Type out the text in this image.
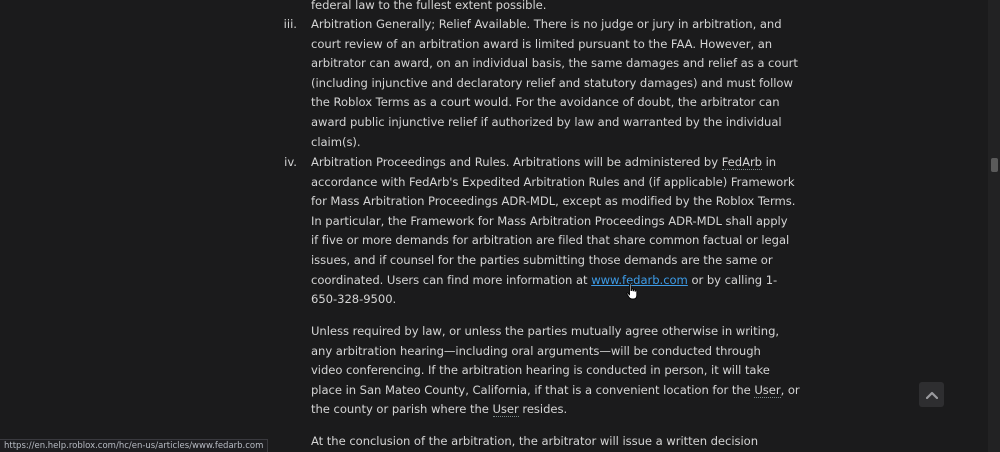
federal law to the fullest extent possible.

iii. Arbitration Generally; Relief Available. There is no judge or jury in arbitration, and
court review of an arbitration award is limited pursuant to the FAA. However, an
arbitrator can award, on an individual basis, the same damages and relief as a court
(including injunctive and declaratory relief and statutory damages) and must follow
the Roblox Terms as a court would. For the avoidance of doubt, the arbitrator can
award public injunctive relief if authorized by law and warranted by the individual
claim(s).

iv. Arbitration Proceedings and Rules. Arbitrations will be administered by FedArb in
accordance with FedArb's Expedited Arbitration Rules and (if applicable) Framework
for Mass Arbitration Proceedings ADR-MDL, except as modified by the Roblox Terms.
In particular, the Framework for Mass Arbitration Proceedings ADR-MDL shall apply
if five or more demands for arbitration are filed that share common factual or legal
issues, and if counsel for the parties submitting those demands are the same or
coordinated. Users can find more information at www.fedarb.com or by calling 1-
650-328-9500.

Unless required by law, or unless the parties mutually agree otherwise in writing,
any arbitration hearing—including oral arguments—will be conducted through
video conferencing. If the arbitration hearing is conducted in person, it will take
place in San Mateo County, California, if that is a convenient location for the User, or
the county or parish where the User resides.

At the conclusion of the arbitration, the arbitrator will issue a written decision

https://en.help.roblox.com/hc/en-us/articles/www.fedarb.com
